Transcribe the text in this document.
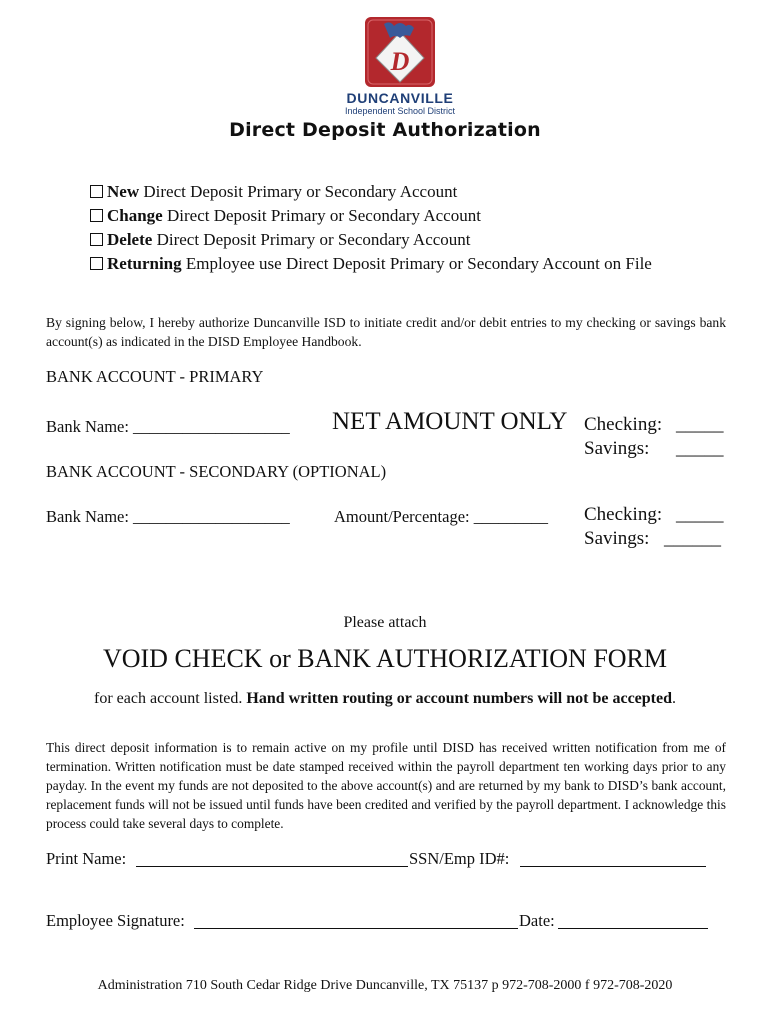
D
DUNCANVILLE
Independent School District
Direct Deposit Authorization
New Direct Deposit Primary or Secondary Account
Change Direct Deposit Primary or Secondary Account
Delete Direct Deposit Primary or Secondary Account
Returning Employee use Direct Deposit Primary or Secondary Account on File
By signing below, I hereby authorize Duncanville ISD to initiate credit and/or debit entries to my checking or savings bank account(s) as indicated in the DISD Employee Handbook.
BANK ACCOUNT - PRIMARY
Bank Name: ___________________ NET AMOUNT ONLY Checking: _____
Savings: _____
BANK ACCOUNT - SECONDARY (OPTIONAL)
Bank Name: ___________________	Amount/Percentage: _________ Checking: _____
Savings: ______
Please attach
VOID CHECK or BANK AUTHORIZATION FORM
for each account listed. Hand written routing or account numbers will not be accepted.
This direct deposit information is to remain active on my profile until DISD has received written notification from me of termination. Written notification must be date stamped received within the payroll department ten working days prior to any payday. In the event my funds are not deposited to the above account(s) and are returned by my bank to DISD’s bank account, replacement funds will not be issued until funds have been credited and verified by the payroll department. I acknowledge this process could take several days to complete.
Print Name:	SSN/Emp ID#:
Employee Signature:	Date:
Administration 710 South Cedar Ridge Drive Duncanville, TX 75137 p 972-708-2000 f 972-708-2020
